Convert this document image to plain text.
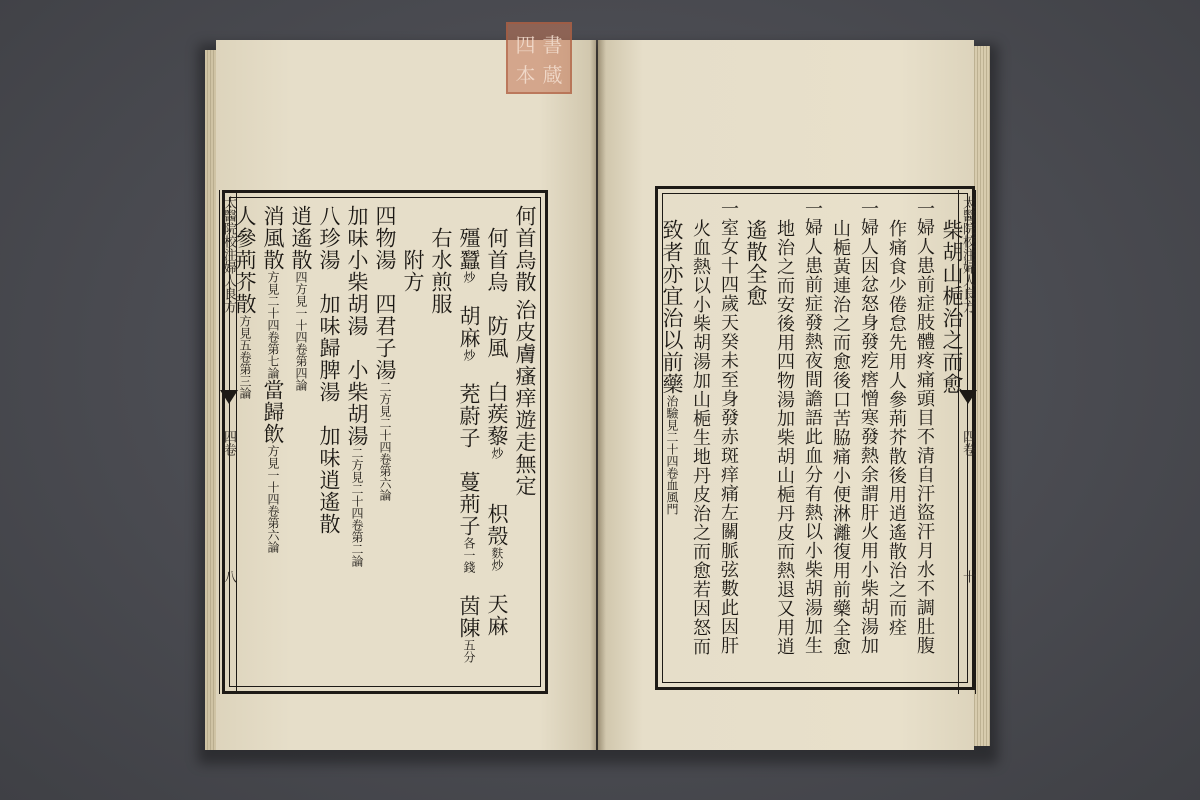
四 書
本 蔵
太醫院校注婦人良方
四卷
八
何首烏散治皮膚瘙痒遊走無定
何首烏　防風　白蒺藜炒　　枳殼麩炒　天麻
殭蠶炒　胡麻炒　茺蔚子　蔓荊子各一錢　茵陳五分
右水煎服
　附方
四物湯　四君子湯二方見二十四卷第六論
加味小柴胡湯　小柴胡湯二方見二十四卷第二論
八珍湯　加味歸脾湯　加味逍遙散
逍遙散四方見一十四卷第四論
消風散方見二十四卷第七論當歸飲方見一十四卷第六論
人參荊芥散方見五卷第三論	柴胡山梔治之而愈
一婦人患前症肢體疼痛頭目不清自汗盜汗月水不調肚腹
作痛食少倦怠先用人參荊芥散後用逍遙散治之而痊
一婦人因忿怒身發疙瘩憎寒發熱余謂肝火用小柴胡湯加
山梔黃連治之而愈後口苦脇痛小便淋灕復用前藥全愈
一婦人患前症發熱夜間譫語此血分有熱以小柴胡湯加生
地治之而安後用四物湯加柴胡山梔丹皮而熱退又用逍
遙散全愈
一室女十四歲天癸未至身發赤斑痒痛左關脈弦數此因肝
火血熱以小柴胡湯加山梔生地丹皮治之而愈若因怒而
致者亦宜治以前藥治驗見二十四卷血風門
太醫院校注婦人良方
四卷
十
